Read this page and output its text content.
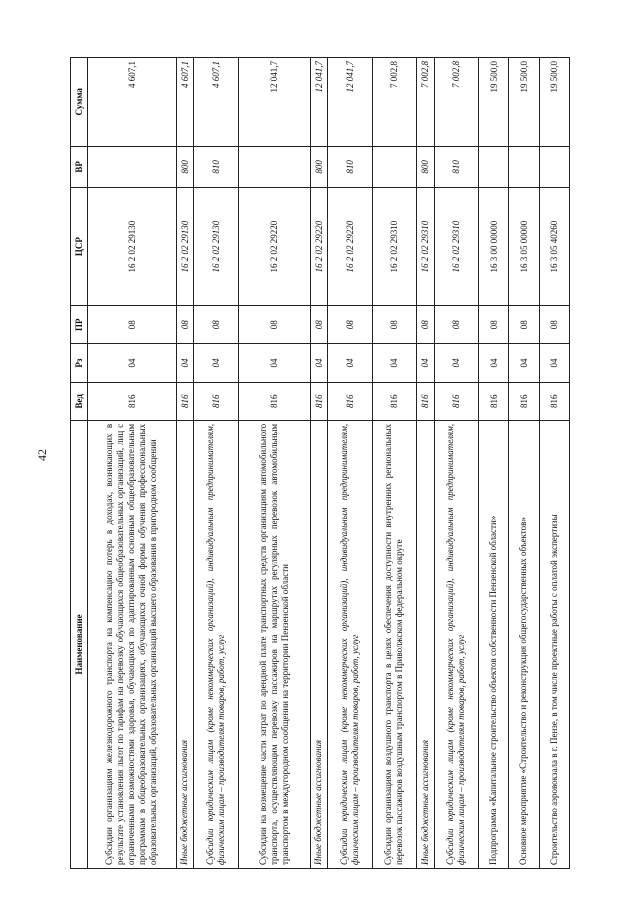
42
Наименование	Вед	Рз	ПР	ЦСР	ВР	Сумма
Субсидии организациям железнодорожного транспорта на компенсацию потерь в доходах, возникающих в результате установления льгот по тарифам на перевозку обучающихся общеобразовательных организаций, лиц с ограниченными возможностями здоровья, обучающихся по адаптированным основным общеобразовательным программам в общеобразовательных организациях, обучающихся очной формы обучения профессиональных образовательных организаций, образовательных организаций высшего образования в пригородном сообщении	816	04	08	16 2 02 29130		4 607,1
Иные бюджетные ассигнования	816	04	08	16 2 02 29130	800	4 607,1
Субсидии юридическим лицам (кроме некоммерческих организаций), индивидуальным предпринимателям, физическим лицам – производителям товаров, работ, услуг	816	04	08	16 2 02 29130	810	4 607,1
Субсидии на возмещение части затрат по арендной плате транспортных средств организациям автомобильного транспорта, осуществляющим перевозку пассажиров на маршрутах регулярных перевозок автомобильным транспортом в междугородном сообщении на территории Пензенской области	816	04	08	16 2 02 29220		12 041,7
Иные бюджетные ассигнования	816	04	08	16 2 02 29220	800	12 041,7
Субсидии юридическим лицам (кроме некоммерческих организаций), индивидуальным предпринимателям, физическим лицам – производителям товаров, работ, услуг	816	04	08	16 2 02 29220	810	12 041,7
Субсидии организациям воздушного транспорта в целях обеспечения доступности внутренних региональных перевозок пассажиров воздушным транспортом в Приволжском федеральном округе	816	04	08	16 2 02 29310		7 002,8
Иные бюджетные ассигнования	816	04	08	16 2 02 29310	800	7 002,8
Субсидии юридическим лицам (кроме некоммерческих организаций), индивидуальным предпринимателям, физическим лицам – производителям товаров, работ, услуг	816	04	08	16 2 02 29310	810	7 002,8
Подпрограмма «Капитальное строительство объектов собственности Пензенской области»	816	04	08	16 3 00 00000		19 500,0
Основное мероприятие «Строительство и реконструкция общегосударственных объектов»	816	04	08	16 3 05 00000		19 500,0
Строительство аэровокзала в г. Пензе, в том числе проектные работы с оплатой экспертизы	816	04	08	16 3 05 40260		19 500,0
